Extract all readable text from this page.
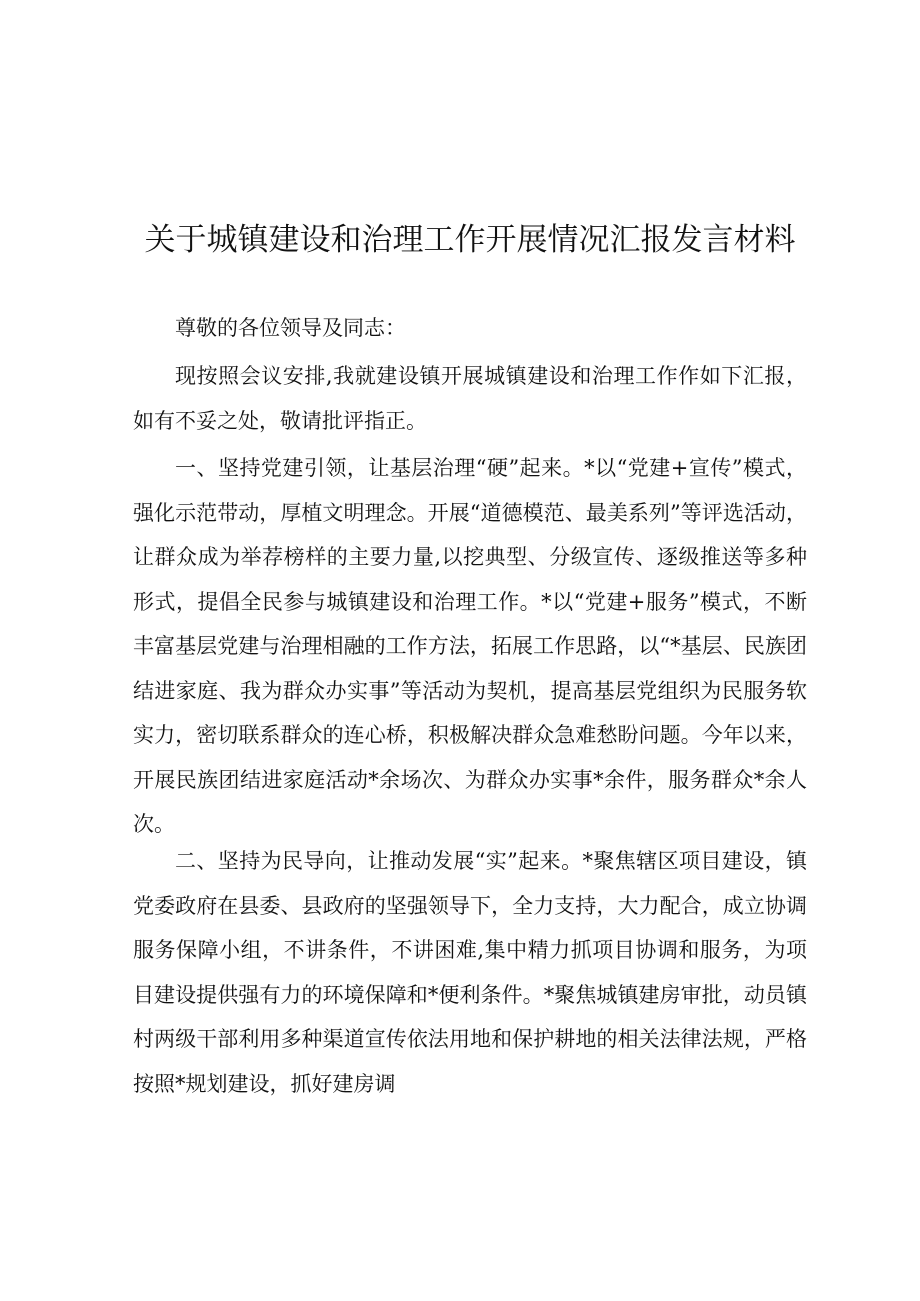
关于城镇建设和治理工作开展情况汇报发言材料

尊敬的各位领导及同志：

现按照会议安排,我就建设镇开展城镇建设和治理工作作如下汇报，如有不妥之处，敬请批评指正。

一、坚持党建引领，让基层治理“硬”起来。*以“党建+宣传”模式，强化示范带动，厚植文明理念。开展“道德模范、最美系列”等评选活动，让群众成为举荐榜样的主要力量,以挖典型、分级宣传、逐级推送等多种形式，提倡全民参与城镇建设和治理工作。*以“党建+服务”模式，不断丰富基层党建与治理相融的工作方法，拓展工作思路，以“*基层、民族团结进家庭、我为群众办实事”等活动为契机，提高基层党组织为民服务软实力，密切联系群众的连心桥，积极解决群众急难愁盼问题。今年以来，开展民族团结进家庭活动*余场次、为群众办实事*余件，服务群众*余人次。

二、坚持为民导向，让推动发展“实”起来。*聚焦辖区项目建设，镇党委政府在县委、县政府的坚强领导下，全力支持，大力配合，成立协调服务保障小组，不讲条件，不讲困难,集中精力抓项目协调和服务，为项目建设提供强有力的环境保障和*便利条件。*聚焦城镇建房审批，动员镇村两级干部利用多种渠道宣传依法用地和保护耕地的相关法律法规，严格按照*规划建设，抓好建房调
